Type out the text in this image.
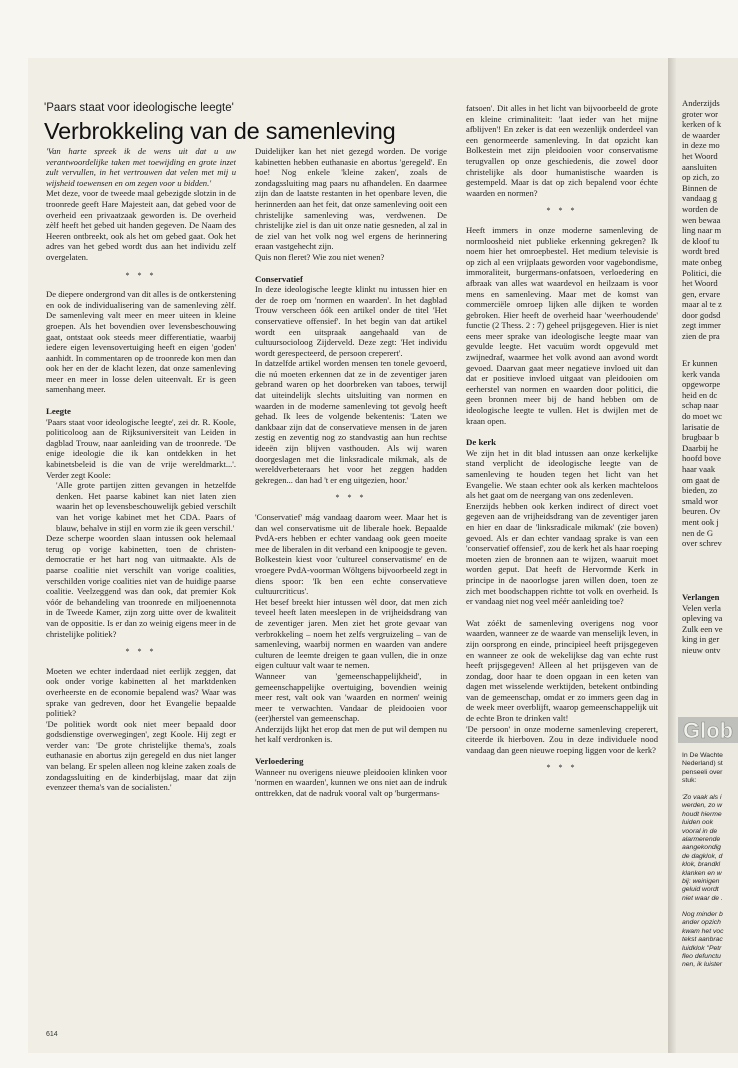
'Paars staat voor ideologische leegte'
Verbrokkeling van de samenleving

'Van harte spreek ik de wens uit dat u uw verantwoordelijke taken met toewijding en grote inzet zult vervullen, in het vertrouwen dat velen met mij u wijsheid toewensen en om zegen voor u bidden.'

Met deze, voor de tweede maal gebezigde slotzin in de troonrede geeft Hare Majesteit aan, dat gebed voor de overheid een privaatzaak geworden is. De overheid zèlf heeft het gebed uit handen gegeven. De Naam des Heeren ontbreekt, ook als het om gebed gaat. Ook het adres van het gebed wordt dus aan het individu zelf overgelaten.

* * *

De diepere ondergrond van dit alles is de ontkerstening en ook de individualisering van de samenleving zèlf. De samenleving valt meer en meer uiteen in kleine groepen. Als het bovendien over levensbeschouwing gaat, ontstaat ook steeds meer differentiatie, waarbij iedere eigen levensovertuiging heeft en eigen 'goden' aanhidt. In commentaren op de troonrede kon men dan ook her en der de klacht lezen, dat onze samenleving meer en meer in losse delen uiteenvalt. Er is geen samenhang meer.

Leegte

'Paars staat voor ideologische leegte', zei dr. R. Koole, politicoloog aan de Rijksuniversiteit van Leiden in dagblad Trouw, naar aanleiding van de troonrede. 'De enige ideologie die ik kan ontdekken in het kabinetsbeleid is die van de vrije wereldmarkt...'. Verder zegt Koole:

'Alle grote partijen zitten gevangen in hetzelfde denken. Het paarse kabinet kan niet laten zien waarin het op levensbeschouwelijk gebied verschilt van het vorige kabinet met het CDA. Paars of blauw, behalve in stijl en vorm zie ik geen verschil.'

Deze scherpe woorden slaan intussen ook helemaal terug op vorige kabinetten, toen de christen-democratie er het hart nog van uitmaakte. Als de paarse coalitie niet verschilt van vorige coalities, verschilden vorige coalities niet van de huidige paarse coalitie. Veelzeggend was dan ook, dat premier Kok vóór de behandeling van troonrede en miljoenennota in de Tweede Kamer, zijn zorg uitte over de kwaliteit van de oppositie. Is er dan zo weinig eigens meer in de christelijke politiek?

* * *

Moeten we echter inderdaad niet eerlijk zeggen, dat ook onder vorige kabinetten al het marktdenken overheerste en de economie bepalend was? Waar was sprake van gedreven, door het Evangelie bepaalde politiek?

'De politiek wordt ook niet meer bepaald door godsdienstige overwegingen', zegt Koole. Hij zegt er verder van: 'De grote christelijke thema's, zoals euthanasie en abortus zijn geregeld en dus niet langer van belang. Er spelen alleen nog kleine zaken zoals de zondagssluiting en de kinderbijslag, maar dat zijn evenzeer thema's van de socialisten.'

Duidelijker kan het niet gezegd worden. De vorige kabinetten hebben euthanasie en abortus 'geregeld'. En hoe! Nog enkele 'kleine zaken', zoals de zondagssluiting mag paars nu afhandelen. En daarmee zijn dan de laatste restanten in het openbare leven, die herinnerden aan het feit, dat onze samenleving ooit een christelijke samenleving was, verdwenen. De christelijke ziel is dan uit onze natie gesneden, al zal in de ziel van het volk nog wel ergens de herinnering eraan vastgehecht zijn.

Quis non fleret? Wie zou niet wenen?

Conservatief

In deze ideologische leegte klinkt nu intussen hier en der de roep om 'normen en waarden'. In het dagblad Trouw verscheen óók een artikel onder de titel 'Het conservatieve offensief'. In het begin van dat artikel wordt een uitspraak aangehaald van de cultuursocioloog Zijderveld. Deze zegt: 'Het individu wordt gerespecteerd, de persoon creperert'.

In datzelfde artikel worden mensen ten tonele gevoerd, die nú moeten erkennen dat ze in de zeventiger jaren gebrand waren op het doorbreken van taboes, terwijl dat uiteindelijk slechts uitsluiting van normen en waarden in de moderne samenleving tot gevolg heeft gehad. Ik lees de volgende bekentenis: 'Laten we dankbaar zijn dat de conservatieve mensen in de jaren zestig en zeventig nog zo standvastig aan hun rechtse ideeën zijn blijven vasthouden. Als wij waren doorgeslagen met die linksradicale mikmak, als de wereldverbeteraars het voor het zeggen hadden gekregen... dan had 't er eng uitgezien, hoor.'

* * *

'Conservatief' mág vandaag daarom weer. Maar het is dan wel conservatisme uit de liberale hoek. Bepaalde PvdA-ers hebben er echter vandaag ook geen moeite mee de liberalen in dit verband een knipoogje te geven. Bolkestein kiest voor 'cultureel conservatisme' en de vroegere PvdA-voorman Wöltgens bijvoorbeeld zegt in diens spoor: 'Ik ben een echte conservatieve cultuurcriticus'.

Het besef breekt hier intussen wèl door, dat men zich teveel heeft laten meeslepen in de vrijheidsdrang van de zeventiger jaren. Men ziet het grote gevaar van verbrokkeling – noem het zelfs vergruizeling – van de samenleving, waarbij normen en waarden van andere culturen de leemte dreigen te gaan vullen, die in onze eigen cultuur valt waar te nemen.

Wanneer van 'gemeenschappelijkheid', in gemeenschappelijke overtuiging, bovendien weinig meer rest, valt ook van 'waarden en normen' weinig meer te verwachten. Vandaar de pleidooien voor (eer)herstel van gemeenschap.

Anderzijds lijkt het erop dat men de put wil dempen nu het kalf verdronken is.

Verloedering

Wanneer nu overigens nieuwe pleidooien klinken voor 'normen en waarden', kunnen we ons niet aan de indruk onttrekken, dat de nadruk vooral valt op 'burgermans-

fatsoen'. Dit alles in het licht van bijvoorbeeld de grote en kleine criminaliteit: 'laat ieder van het mijne afblijven'! En zeker is dat een wezenlijk onderdeel van een genormeerde samenleving. In dat opzicht kan Bolkestein met zijn pleidooien voor conservatisme terugvallen op onze geschiedenis, die zowel door christelijke als door humanistische waarden is gestempeld. Maar is dat op zich bepalend voor échte waarden en normen?

* * *

Heeft immers in onze moderne samenleving de normloosheid niet publieke erkenning gekregen? Ik noem hier het omroepbestel. Het medium televisie is op zich al een vrijplaats geworden voor vagebondisme, immoraliteit, burgermans-onfatsoen, verloedering en afbraak van alles wat waardevol en heilzaam is voor mens en samenleving. Maar met de komst van commerciële omroep lijken alle dijken te worden gebroken. Hier heeft de overheid haar 'weerhoudende' functie (2 Thess. 2 : 7) geheel prijsgegeven. Hier is niet eens meer sprake van ideologische leegte maar van gevulde leegte. Het vacuüm wordt opgevuld met zwijnedraf, waarmee het volk avond aan avond wordt gevoed. Daarvan gaat meer negatieve invloed uit dan dat er positieve invloed uitgaat van pleidooien om eerherstel van normen en waarden door politici, die geen bronnen meer bij de hand hebben om de ideologische leegte te vullen. Het is dwijlen met de kraan open.

De kerk

We zijn het in dit blad intussen aan onze kerkelijke stand verplicht de ideologische leegte van de samenleving te houden tegen het licht van het Evangelie. We staan echter ook als kerken machteloos als het gaat om de neergang van ons zedenleven.

Enerzijds hebben ook kerken indirect of direct voet gegeven aan de vrijheidsdrang van de zeventiger jaren en hier en daar de 'linksradicale mikmak' (zie boven) gevoed. Als er dan echter vandaag sprake is van een 'conservatief offensief', zou de kerk het als haar roeping moeten zien de bronnen aan te wijzen, waaruit moet worden geput. Dat heeft de Hervormde Kerk in principe in de naoorlogse jaren willen doen, toen ze zich met boodschappen richtte tot volk en overheid. Is er vandaag niet nog veel méér aanleiding toe?

Wat zóékt de samenleving overigens nog voor waarden, wanneer ze de waarde van menselijk leven, in zijn oorsprong en einde, principieel heeft prijsgegeven en wanneer ze ook de wekelijkse dag van echte rust heeft prijsgegeven! Alleen al het prijsgeven van de zondag, door haar te doen opgaan in een keten van dagen met wisselende werktijden, betekent ontbinding van de gemeenschap, omdat er zo immers geen dag in de week meer overblijft, waarop gemeenschappelijk uit de echte Bron te drinken valt!

'De persoon' in onze moderne samenleving creperert, citeerde ik hierboven. Zou in deze individuele nood vandaag dan geen nieuwe roeping liggen voor de kerk?

* * *
614
Anderzijds
groter wor
kerken of k
de waarder
in deze mo
het Woord
aansluiten
op zich, zo
Binnen de
vandaag g
worden de
wen bewaa
ling naar m
de kloof tu
wordt bred
mate onbeg
Politici, die
het Woord
gen, ervare
maar al te z
door godsd
zegt immer
zien de pra
Er kunnen
kerk vanda
opgeworpe
heid en dc
schap naar
do moet wc
larisatie de
brugbaar b
Daarbij he
hoofd bove
haar vaak
om gaat de
bieden, zo
smald wor
beuren. Ov
ment ook j
nen de G
over schrev
Verlangen
Velen verla
opleving va
Zulk een ve
king in ger
nieuw ontv
Glob
In De Wachte
Nederland) st
penseeli over
stuk:
'Zo vaak als i
werden, zo w
houdt hierme
luiden ook
vooral in de
alarmerende
aangekondig
de dagklok, d
klok, brandkl
klanken en w
bij: weinigen
geluid wordt
niet waar de .
Nog minder b
ander opzich
kwam het voc
tekst aanbrac
luidklok "Petr
fleo defunctu
nen, ik luister
